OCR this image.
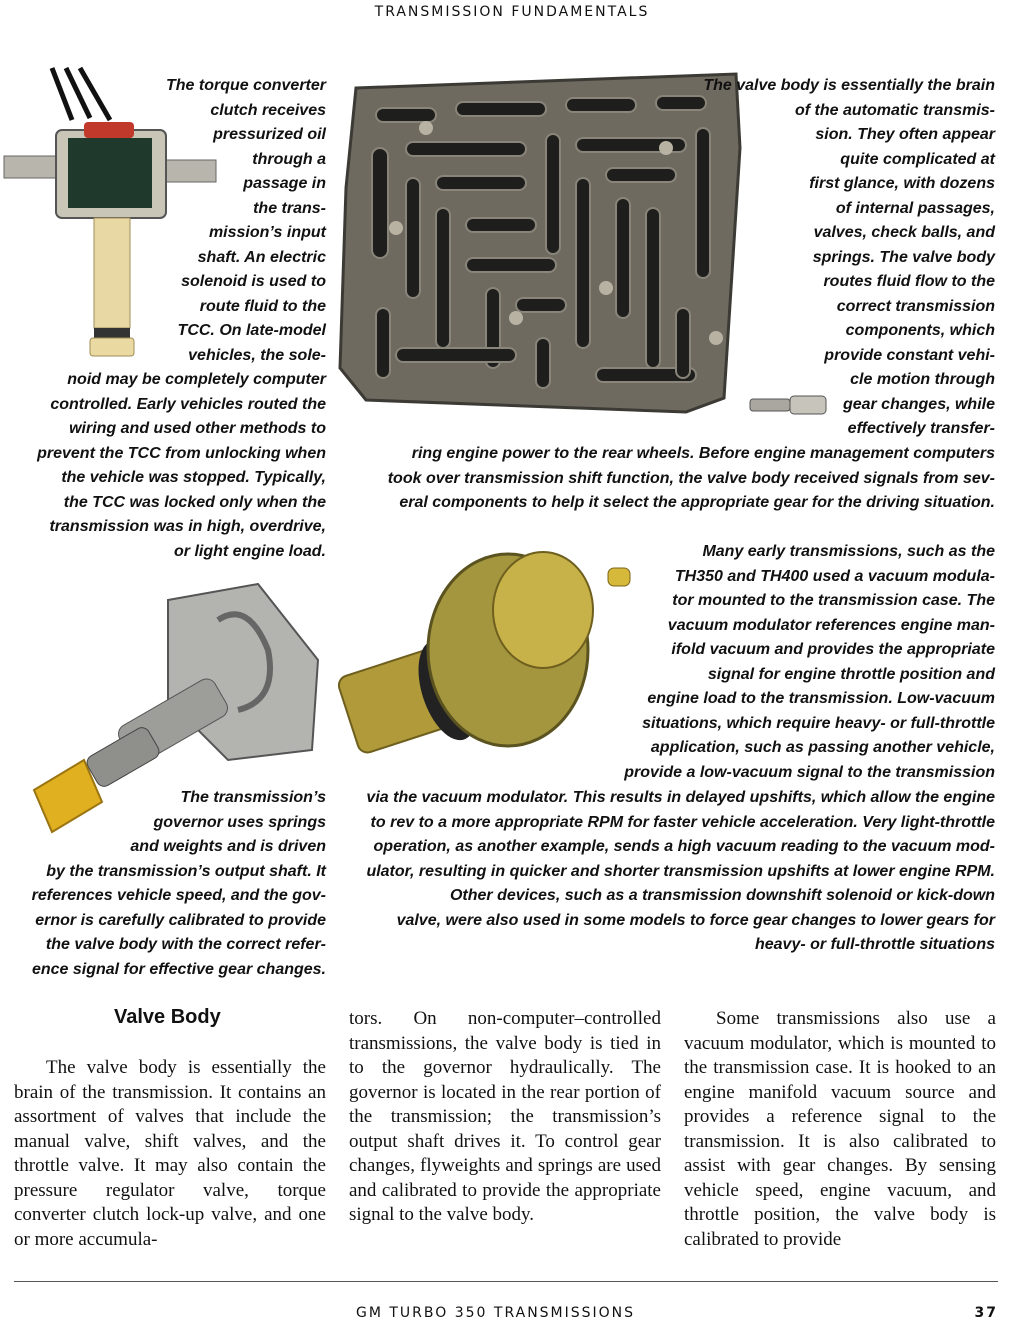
TRANSMISSION FUNDAMENTALS
The torque converter
clutch receives
pressurized oil
through a
passage in
the trans-
mission’s input
shaft. An electric
solenoid is used to
route fluid to the
TCC. On late-model
vehicles, the sole-
noid may be completely computer
controlled. Early vehicles routed the
wiring and used other methods to
prevent the TCC from unlocking when
the vehicle was stopped. Typically,
the TCC was locked only when the
transmission was in high, overdrive,
or light engine load.
The valve body is essentially the brain
of the automatic transmis-
sion. They often appear
quite complicated at
first glance, with dozens
of internal passages,
valves, check balls, and
springs. The valve body
routes fluid flow to the
correct transmission
components, which
provide constant vehi-
cle motion through
gear changes, while
effectively transfer-
ring engine power to the rear wheels. Before engine management computers
took over transmission shift function, the valve body received signals from sev-
eral components to help it select the appropriate gear for the driving situation.
The transmission’s
governor uses springs
and weights and is driven
by the transmission’s output shaft. It
references vehicle speed, and the gov-
ernor is carefully calibrated to provide
the valve body with the correct refer-
ence signal for effective gear changes.
Many early transmissions, such as the
TH350 and TH400 used a vacuum modula-
tor mounted to the transmission case. The
vacuum modulator references engine man-
ifold vacuum and provides the appropriate
signal for engine throttle position and
engine load to the transmission. Low-vacuum
situations, which require heavy- or full-throttle
application, such as passing another vehicle,
provide a low-vacuum signal to the transmission
via the vacuum modulator. This results in delayed upshifts, which allow the engine
to rev to a more appropriate RPM for faster vehicle acceleration. Very light-throttle
operation, as another example, sends a high vacuum reading to the vacuum mod-
ulator, resulting in quicker and shorter transmission upshifts at lower engine RPM.
Other devices, such as a transmission downshift solenoid or kick-down
valve, were also used in some models to force gear changes to lower gears for
heavy- or full-throttle situations
Valve Body
The valve body is essentially the brain of the transmission. It contains an assortment of valves that include the manual valve, shift valves, and the throttle valve. It may also contain the pressure regulator valve, torque converter clutch lock-up valve, and one or more accumula-
tors. On non-computer–controlled transmissions, the valve body is tied in to the governor hydraulically. The governor is located in the rear portion of the transmission; the transmission’s output shaft drives it. To control gear changes, flyweights and springs are used and calibrated to provide the appropriate signal to the valve body.
Some transmissions also use a vacuum modulator, which is mounted to the transmission case. It is hooked to an engine manifold vacuum source and provides a reference signal to the transmission. It is also calibrated to assist with gear changes. By sensing vehicle speed, engine vacuum, and throttle position, the valve body is calibrated to provide
GM TURBO 350 TRANSMISSIONS	37
